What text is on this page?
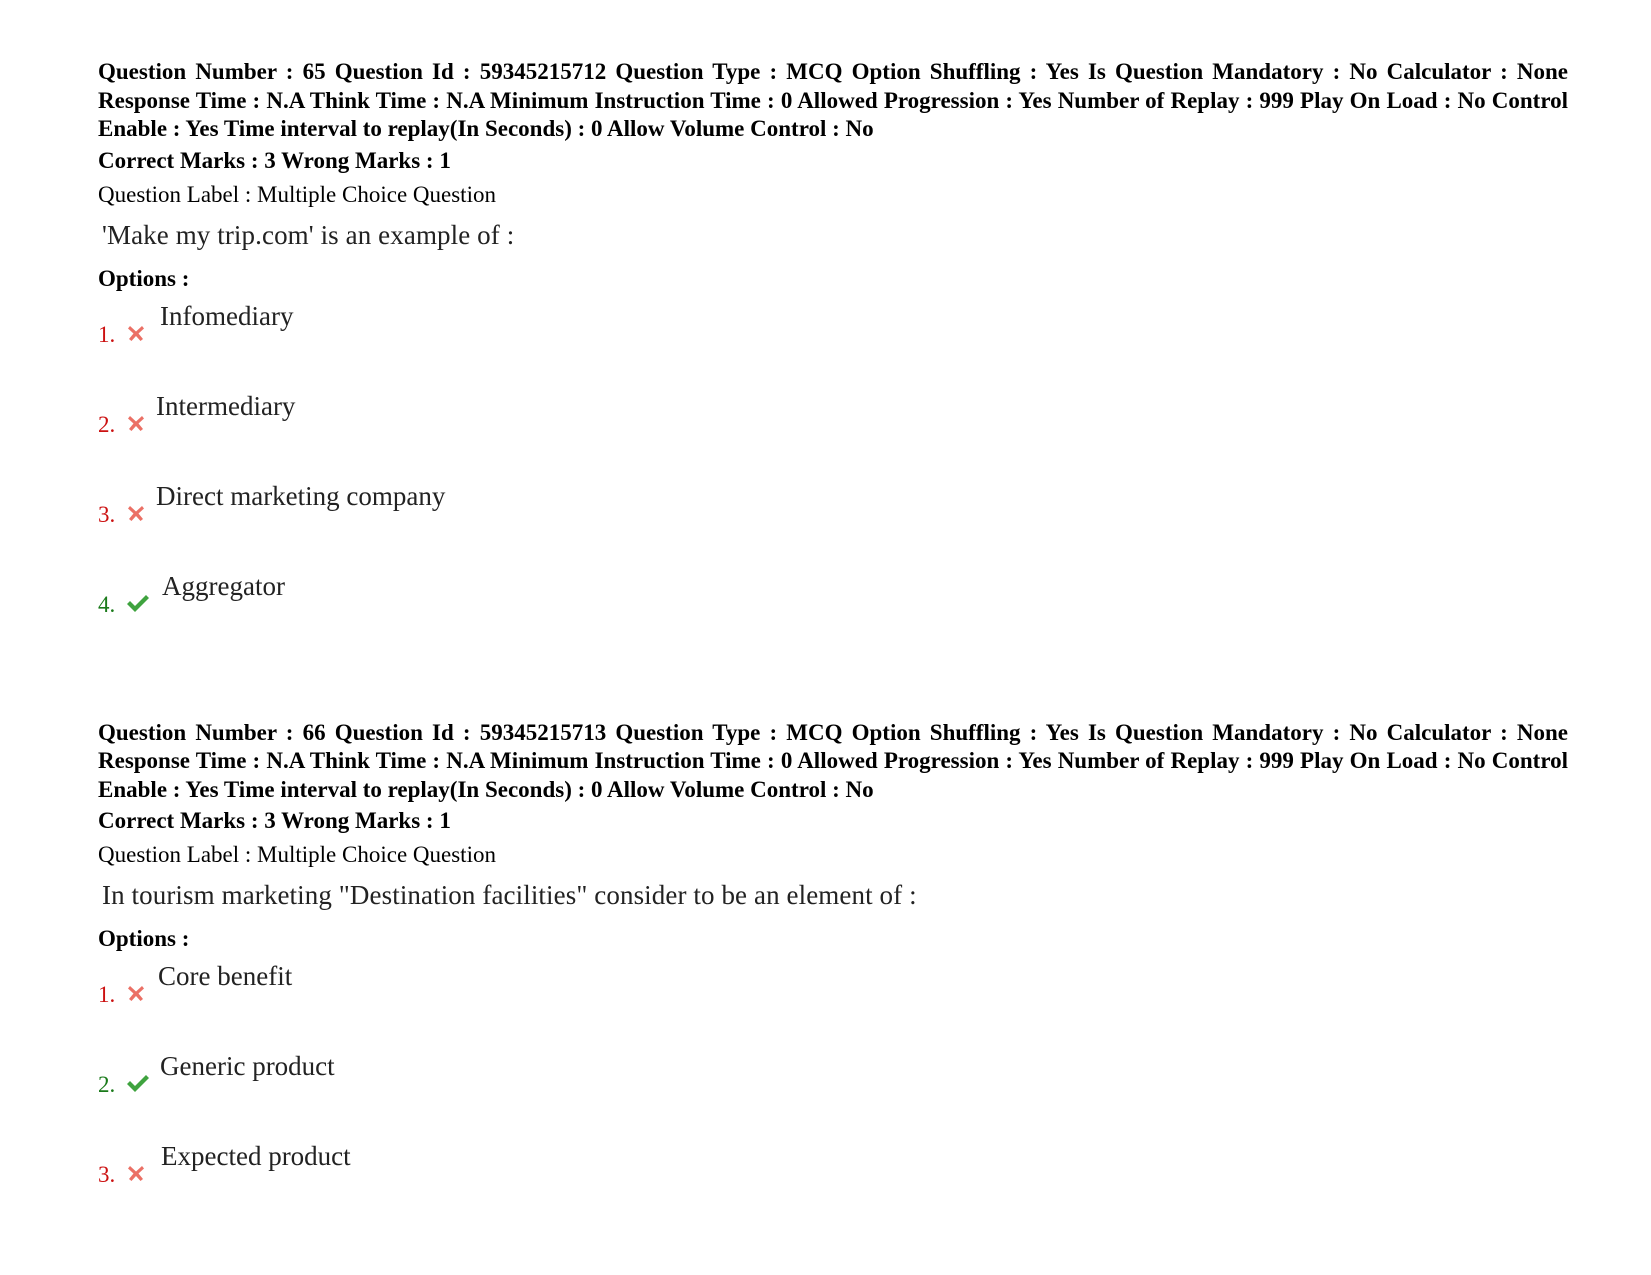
Question Number : 65 Question Id : 59345215712 Question Type : MCQ Option Shuffling : Yes Is Question Mandatory : No Calculator : None Response Time : N.A Think Time : N.A Minimum Instruction Time : 0 Allowed Progression : Yes Number of Replay : 999 Play On Load : No Control Enable : Yes Time interval to replay(In Seconds) : 0 Allow Volume Control : No

Correct Marks : 3 Wrong Marks : 1

Question Label : Multiple Choice Question

'Make my trip.com' is an example of :

Options :

1.
Infomediary
2.
Intermediary
3.
Direct marketing company
4.
Aggregator

Question Number : 66 Question Id : 59345215713 Question Type : MCQ Option Shuffling : Yes Is Question Mandatory : No Calculator : None Response Time : N.A Think Time : N.A Minimum Instruction Time : 0 Allowed Progression : Yes Number of Replay : 999 Play On Load : No Control Enable : Yes Time interval to replay(In Seconds) : 0 Allow Volume Control : No

Correct Marks : 3 Wrong Marks : 1

Question Label : Multiple Choice Question

In tourism marketing "Destination facilities" consider to be an element of :

Options :

1.
Core benefit
2.
Generic product
3.
Expected product
